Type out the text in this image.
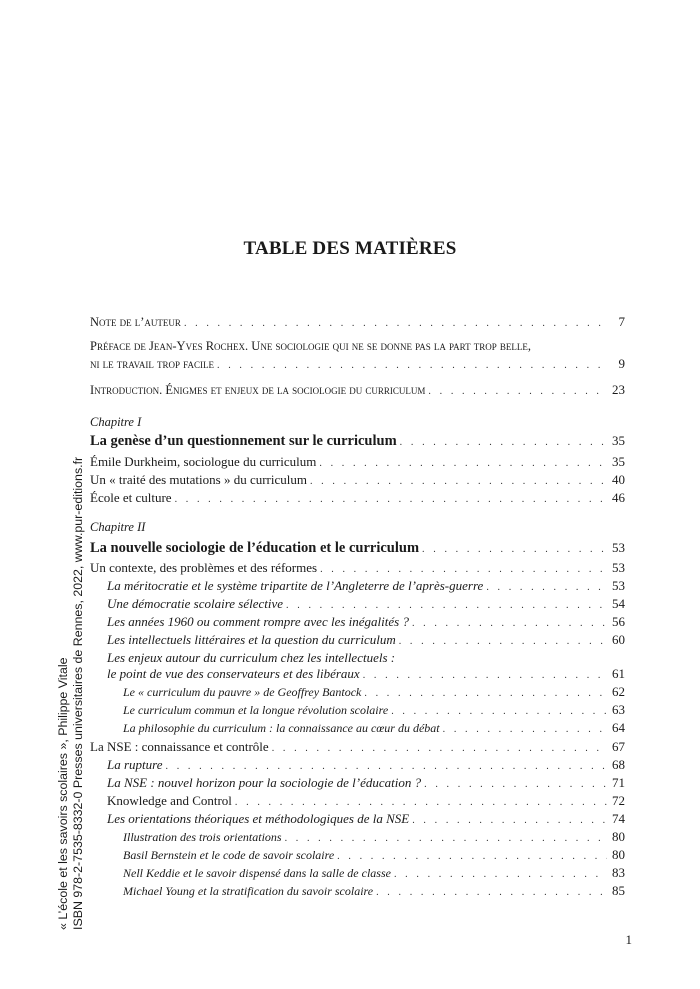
TABLE DES MATIÈRES
« L’école et les savoirs scolaires », Philippe Vitale ISBN 978-2-7535-8332-0 Presses universitaires de Rennes, 2022, www.pur-editions.fr
Note de l’auteur . . .	7
Préface de Jean-Yves Rochex. Une sociologie qui ne se donne pas la part trop belle,
ni le travail trop facile . . .	9
Introduction. Énigmes et enjeux de la sociologie du curriculum . . .	23
Chapitre I
La genèse d’un questionnement sur le curriculum . . .	35
Émile Durkheim, sociologue du curriculum . . .	35
Un « traité des mutations » du curriculum . . .	40
École et culture . . .	46
Chapitre II
La nouvelle sociologie de l’éducation et le curriculum . . .	53
Un contexte, des problèmes et des réformes . . .	53
La méritocratie et le système tripartite de l’Angleterre de l’après-guerre . . .	53
Une démocratie scolaire sélective . . .	54
Les années 1960 ou comment rompre avec les inégalités ? . . .	56
Les intellectuels littéraires et la question du curriculum . . .	60
Les enjeux autour du curriculum chez les intellectuels :
le point de vue des conservateurs et des libéraux . . .	61
Le « curriculum du pauvre » de Geoffrey Bantock . . .	62
Le curriculum commun et la longue révolution scolaire . . .	63
La philosophie du curriculum : la connaissance au cœur du débat . . .	64
La NSE : connaissance et contrôle . . .	67
La rupture . . .	68
La NSE : nouvel horizon pour la sociologie de l’éducation ? . . .	71
Knowledge and Control . . .	72
Les orientations théoriques et méthodologiques de la NSE . . .	74
Illustration des trois orientations . . .	80
Basil Bernstein et le code de savoir scolaire . . .	80
Nell Keddie et le savoir dispensé dans la salle de classe . . .	83
Michael Young et la stratification du savoir scolaire . . .	85
1
